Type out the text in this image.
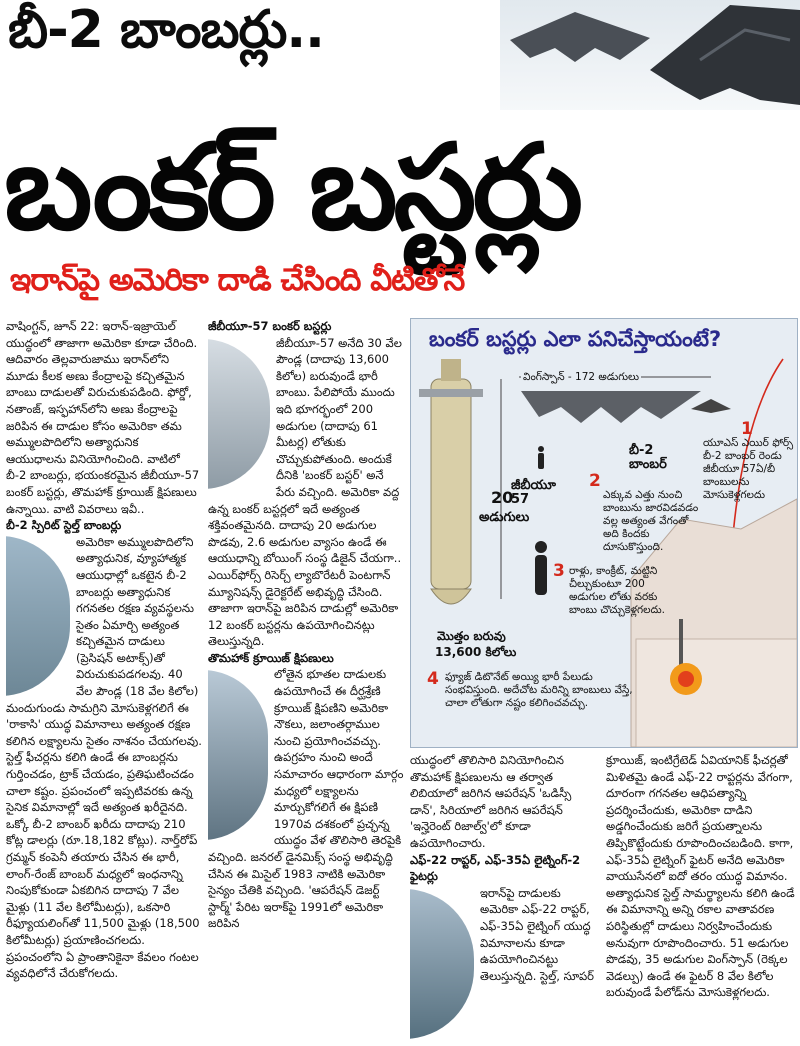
బీ-2 బాంబర్లు..
బంకర్ బస్టర్లు
ఇరాన్‌పై అమెరికా దాడి చేసింది వీటితోనే

వాషింగ్టన్, జూన్ 22: ఇరాన్-ఇజ్రాయెల్ యుద్ధంలో తాజాగా అమెరికా కూడా చేరింది. ఆదివారం తెల్లవారుజాము ఇరాన్‌లోని మూడు కీలక అణు కేంద్రాలపై కచ్చితమైన బాంబు దాడులతో విరుచుకుపడింది. ఫోర్డో, నతాంజ్, ఇస్ఫహాన్‌లోని అణు కేంద్రాలపై జరిపిన ఈ దాడుల కోసం అమెరికా తమ అమ్ములపొదిలోని అత్యాధునిక ఆయుధాలను వినియోగించింది. వాటిలో బీ-2 బాంబర్లు, భయంకరమైన జీబీయూ-57 బంకర్ బస్టర్లు, తొమహాక్ క్రూయిజ్ క్షిపణులు ఉన్నాయి. వాటి వివరాలు ఇవీ..

బీ-2 స్పిరిట్ స్టెల్త్ బాంబర్లు

అమెరికా అమ్ములపొదిలోని అత్యాధునిక, వ్యూహాత్మక ఆయుధాల్లో ఒకటైన బీ-2 బాంబర్లు అత్యాధునిక గగనతల రక్షణ వ్యవస్థలను సైతం ఏమార్చి అత్యంత కచ్చితమైన దాడులు (ప్రెసిషన్ అటాక్స్)తో విరుచుకుపడగలవు. 40 వేల పౌండ్ల (18 వేల కిలోల) మందుగుండు సామగ్రిని మోసుకెళ్లగలిగే ఈ 'రాకాసి' యుద్ధ విమానాలు అత్యంత రక్షణ కలిగిన లక్ష్యాలను సైతం నాశనం చేయగలవు. స్టెల్త్ ఫీచర్లను కలిగి ఉండే ఈ బాంబర్లను గుర్తించడం, ట్రాక్ చేయడం, ప్రతిఘటించడం చాలా కష్టం. ప్రపంచంలో ఇప్పటివరకు ఉన్న సైనిక విమానాల్లో ఇదే అత్యంత ఖరీదైనది. ఒక్కో బీ-2 బాంబర్ ఖరీదు దాదాపు 210 కోట్ల డాలర్లు (రూ.18,182 కోట్లు). నార్త్‌రోప్ గ్రమ్మన్ కంపెనీ తయారు చేసిన ఈ భారీ, లాంగ్-రేంజ్ బాంబర్ మధ్యలో ఇంధనాన్ని నింపుకోకుండా ఏకబిగిన దాదాపు 7 వేల మైళ్లు (11 వేల కిలోమీటర్లు), ఒకసారి రీఫ్యూయలింగ్‌తో 11,500 మైళ్లు (18,500 కిలోమీటర్లు) ప్రయాణించగలదు. ప్రపంచంలోని ఏ ప్రాంతానికైనా కేవలం గంటల వ్యవధిలోనే చేరుకోగలదు.

జీబీయూ-57 బంకర్ బస్టర్లు

జీబీయూ-57 అనేది 30 వేల పౌండ్ల (దాదాపు 13,600 కిలోల) బరువుండే భారీ బాంబు. పేలిపోయే ముందు ఇది భూగర్భంలో 200 అడుగుల (దాదాపు 61 మీటర్ల) లోతుకు చొచ్చుకుపోతుంది. అందుకే దీనికి 'బంకర్ బస్టర్' అనే పేరు వచ్చింది. అమెరికా వద్ద ఉన్న బంకర్ బస్టర్లలో ఇదే అత్యంత శక్తివంతమైనది. దాదాపు 20 అడుగుల పొడవు, 2.6 అడుగుల వ్యాసం ఉండే ఈ ఆయుధాన్ని బోయింగ్ సంస్థ డిజైన్ చేయగా.. ఎయిర్‌ఫోర్స్ రిసెర్చ్ ల్యాబొరేటరీ పెంటగాన్ మ్యూనిషన్స్ డైరెక్టరేట్ అభివృద్ధి చేసింది. తాజాగా ఇరాన్‌పై జరిపిన దాడుల్లో అమెరికా 12 బంకర్ బస్టర్లను ఉపయోగించినట్లు తెలుస్తున్నది.

తొమహాక్ క్రూయిజ్ క్షిపణులు

లోతైన భూతల దాడులకు ఉపయోగించే ఈ దీర్ఘశ్రేణి క్రూయిజ్ క్షిపణిని అమెరికా నౌకలు, జలాంతర్గాముల నుంచి ప్రయోగించవచ్చు. ఉపగ్రహం నుంచి అందే సమాచారం ఆధారంగా మార్గం మధ్యలో లక్ష్యాలను మార్చుకోగలిగే ఈ క్షిపణి 1970వ దశకంలో ప్రచ్ఛన్న యుద్ధం వేళ తొలిసారి తెరపైకి వచ్చింది. జనరల్ డైనమిక్స్ సంస్థ అభివృద్ధి చేసిన ఈ మిసైల్ 1983 నాటికి అమెరికా సైన్యం చేతికి వచ్చింది. 'ఆపరేషన్ డెజర్ట్ స్టార్మ్' పేరిట ఇరాక్‌పై 1991లో అమెరికా జరిపిన

బంకర్ బస్టర్లు ఎలా పనిచేస్తాయంటే?
వింగ్‌స్పాన్ - 172 అడుగులు
బీ-2 బాంబర్
జీబీయూ 57
20
అడుగులు
మొత్తం బరువు
13,600 కిలోలు
1
యూఎస్ ఎయిర్ ఫోర్స్ బీ-2 బాంబర్ రెండు జీబీయూ 57ఏ/బీ బాంబులను మోసుకెళ్లగలదు
2
ఎక్కువ ఎత్తు నుంచి బాంబును జారవిడవడం వల్ల అత్యంత వేగంతో అది కిందకు దూసుకొస్తుంది.
3 రాళ్లు, కాంక్రీట్, మట్టిని చీల్చుకుంటూ 200 అడుగుల లోతు వరకు బాంబు చొచ్చుకెళ్లగలదు.
4 ఫ్యూజ్ డిటొనేట్ అయ్యి భారీ పేలుడు సంభవిస్తుంది. అదేచోట మరిన్ని బాంబులు వేస్తే, చాలా లోతుగా నష్టం కలిగించవచ్చు.

యుద్ధంలో తొలిసారి వినియోగించిన తొమహాక్ క్షిపణులను ఆ తర్వాత లిబియాలో జరిగిన ఆపరేషన్ 'ఒడిస్సీ డాన్', సిరియాలో జరిగిన ఆపరేషన్ 'ఇన్హెరెంట్ రిజాల్వ్'లో కూడా ఉపయోగించారు.

ఎఫ్-22 రాప్టర్, ఎఫ్-35ఏ లైట్నింగ్-2 ఫైటర్లు

ఇరాన్‌పై దాడులకు అమెరికా ఎఫ్-22 రాప్టర్, ఎఫ్-35ఏ లైట్నింగ్ యుద్ధ విమానాలను కూడా ఉపయోగించినట్టు తెలుస్తున్నది. స్టెల్త్, సూపర్

క్రూయిజ్, ఇంటిగ్రేటెడ్ ఏవియానిక్ ఫీచర్లతో మిళితమై ఉండే ఎఫ్-22 రాప్టర్లను వేగంగా, దూరంగా గగనతల ఆధిపత్యాన్ని ప్రదర్శించేందుకు, అమెరికా దాడిని అడ్డగించేందుకు జరిగే ప్రయత్నాలను తిప్పికొట్టేందుకు రూపొందించబడింది. కాగా, ఎఫ్-35ఏ లైట్నింగ్ ఫైటర్ అనేది అమెరికా వాయుసేనలో ఐదో తరం యుద్ధ విమానం. అత్యాధునిక స్టెల్త్ సామర్థ్యాలను కలిగి ఉండే ఈ విమానాన్ని అన్ని రకాల వాతావరణ పరిస్థితుల్లో దాడులు నిర్వహించేందుకు అనువుగా రూపొందించారు. 51 అడుగుల పొడవు, 35 అడుగుల వింగ్‌స్పాన్ (రెక్కల వెడల్పు) ఉండే ఈ ఫైటర్ 8 వేల కిలోల బరువుండే పేలోడ్‌ను మోసుకెళ్లగలదు.
